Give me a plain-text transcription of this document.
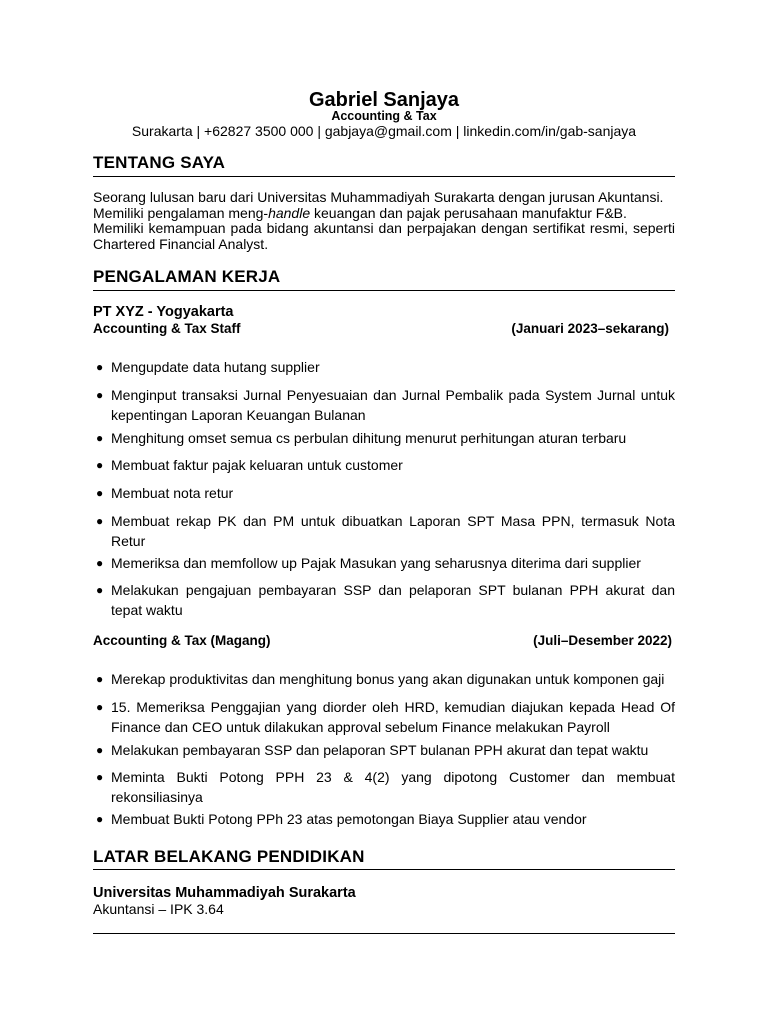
Gabriel Sanjaya
Accounting & Tax
Surakarta | +62827 3500 000 | gabjaya@gmail.com | linkedin.com/in/gab-sanjaya
TENTANG SAYA

Seorang lulusan baru dari Universitas Muhammadiyah Surakarta dengan jurusan Akuntansi.

Memiliki pengalaman meng-handle keuangan dan pajak perusahaan manufaktur F&B.

Memiliki kemampuan pada bidang akuntansi dan perpajakan dengan sertifikat resmi, seperti Chartered Financial Analyst.

PENGALAMAN KERJA
PT XYZ - Yogyakarta
Accounting & Tax Staff	(Januari 2023–sekarang)
● Mengupdate data hutang supplier
● Menginput transaksi Jurnal Penyesuaian dan Jurnal Pembalik pada System Jurnal untuk kepentingan Laporan Keuangan Bulanan
● Menghitung omset semua cs perbulan dihitung menurut perhitungan aturan terbaru
● Membuat faktur pajak keluaran untuk customer
● Membuat nota retur
● Membuat rekap PK dan PM untuk dibuatkan Laporan SPT Masa PPN, termasuk Nota Retur
● Memeriksa dan memfollow up Pajak Masukan yang seharusnya diterima dari supplier
● Melakukan pengajuan pembayaran SSP dan pelaporan SPT bulanan PPH akurat dan tepat waktu
Accounting & Tax (Magang)	(Juli–Desember 2022)
● Merekap produktivitas dan menghitung bonus yang akan digunakan untuk komponen gaji
● 15. Memeriksa Penggajian yang diorder oleh HRD, kemudian diajukan kepada Head Of Finance dan CEO untuk dilakukan approval sebelum Finance melakukan Payroll
● Melakukan pembayaran SSP dan pelaporan SPT bulanan PPH akurat dan tepat waktu
● Meminta Bukti Potong PPH 23 & 4(2) yang dipotong Customer dan membuat rekonsiliasinya
● Membuat Bukti Potong PPh 23 atas pemotongan Biaya Supplier atau vendor
LATAR BELAKANG PENDIDIKAN
Universitas Muhammadiyah Surakarta
Akuntansi – IPK 3.64
